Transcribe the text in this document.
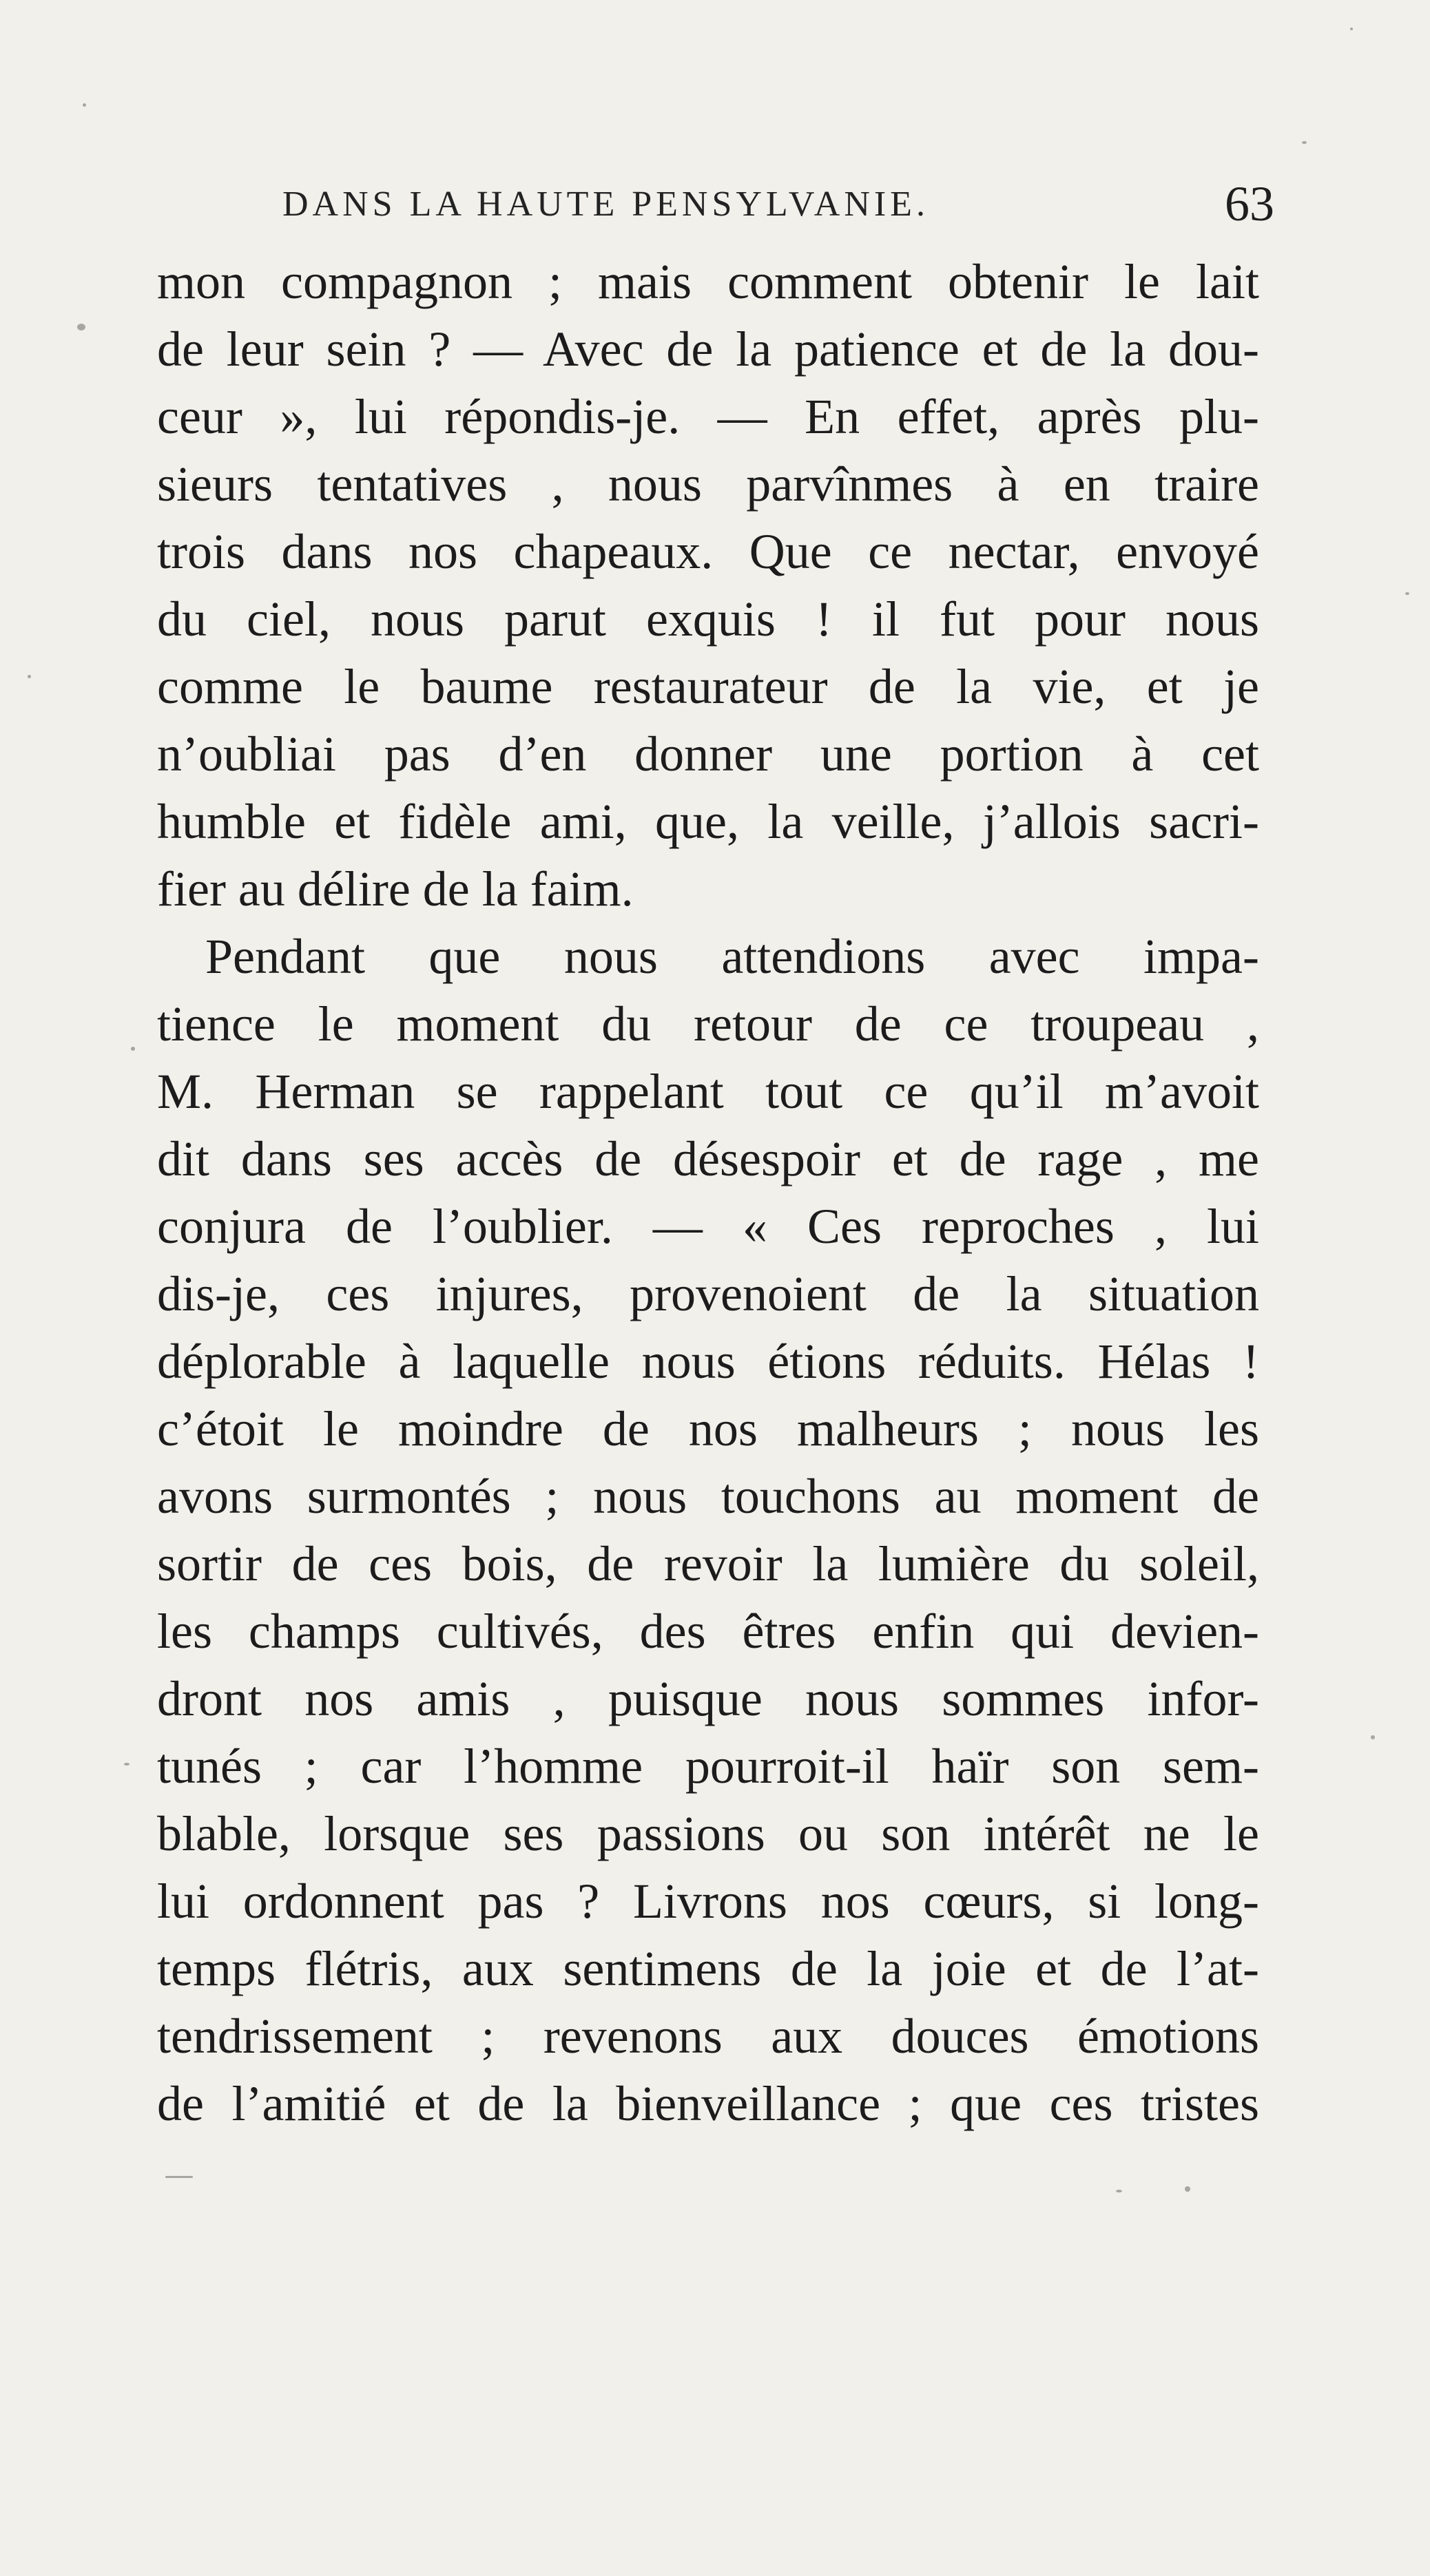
DANS LA HAUTE PENSYLVANIE.	63
mon compagnon ; mais comment obtenir le lait
de leur sein ? — Avec de la patience et de la dou-
ceur », lui répondis-je. — En effet, après plu-
sieurs tentatives , nous parvînmes à en traire
trois dans nos chapeaux. Que ce nectar, envoyé
du ciel, nous parut exquis ! il fut pour nous
comme le baume restaurateur de la vie, et je
n’oubliai pas d’en donner une portion à cet
humble et fidèle ami, que, la veille, j’allois sacri-
fier au délire de la faim.
Pendant que nous attendions avec impa-
tience le moment du retour de ce troupeau ,
M. Herman se rappelant tout ce qu’il m’avoit
dit dans ses accès de désespoir et de rage , me
conjura de l’oublier. — « Ces reproches , lui
dis-je, ces injures, provenoient de la situation
déplorable à laquelle nous étions réduits. Hélas !
c’étoit le moindre de nos malheurs ; nous les
avons surmontés ; nous touchons au moment de
sortir de ces bois, de revoir la lumière du soleil,
les champs cultivés, des êtres enfin qui devien-
dront nos amis , puisque nous sommes infor-
tunés ; car l’homme pourroit-il haïr son sem-
blable, lorsque ses passions ou son intérêt ne le
lui ordonnent pas ? Livrons nos cœurs, si long-
temps flétris, aux sentimens de la joie et de l’at-
tendrissement ; revenons aux douces émotions
de l’amitié et de la bienveillance ; que ces tristes
